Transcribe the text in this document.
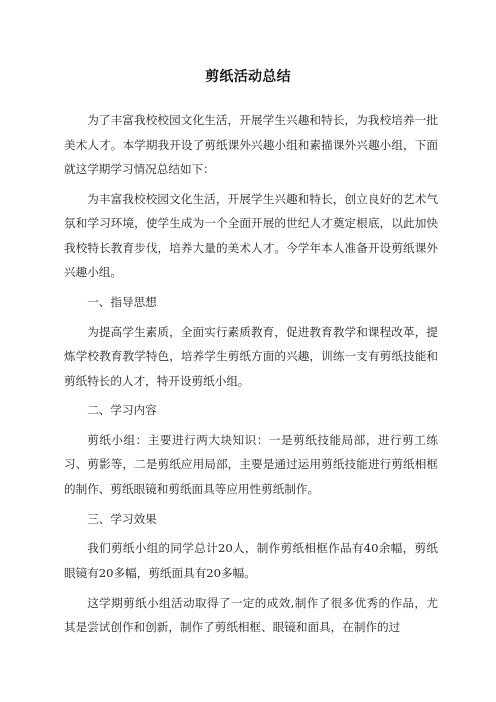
剪纸活动总结

为了丰富我校校园文化生活，开展学生兴趣和特长，为我校培养一批美术人才。本学期我开设了剪纸课外兴趣小组和素描课外兴趣小组，下面就这学期学习情况总结如下：

为丰富我校校园文化生活，开展学生兴趣和特长，创立良好的艺术气氛和学习环境，使学生成为一个全面开展的世纪人才奠定根底，以此加快我校特长教育步伐，培养大量的美术人才。今学年本人准备开设剪纸课外兴趣小组。

一、指导思想

为提高学生素质，全面实行素质教育，促进教育教学和课程改革，提炼学校教育教学特色，培养学生剪纸方面的兴趣，训练一支有剪纸技能和剪纸特长的人才，特开设剪纸小组。

二、学习内容

剪纸小组：主要进行两大块知识：一是剪纸技能局部，进行剪工练习、剪影等，二是剪纸应用局部，主要是通过运用剪纸技能进行剪纸相框的制作、剪纸眼镜和剪纸面具等应用性剪纸制作。

三、学习效果

我们剪纸小组的同学总计20人，制作剪纸相框作品有40余幅，剪纸眼镜有20多幅，剪纸面具有20多幅。

这学期剪纸小组活动取得了一定的成效,制作了很多优秀的作品，尤其是尝试创作和创新，制作了剪纸相框、眼镜和面具，在制作的过
